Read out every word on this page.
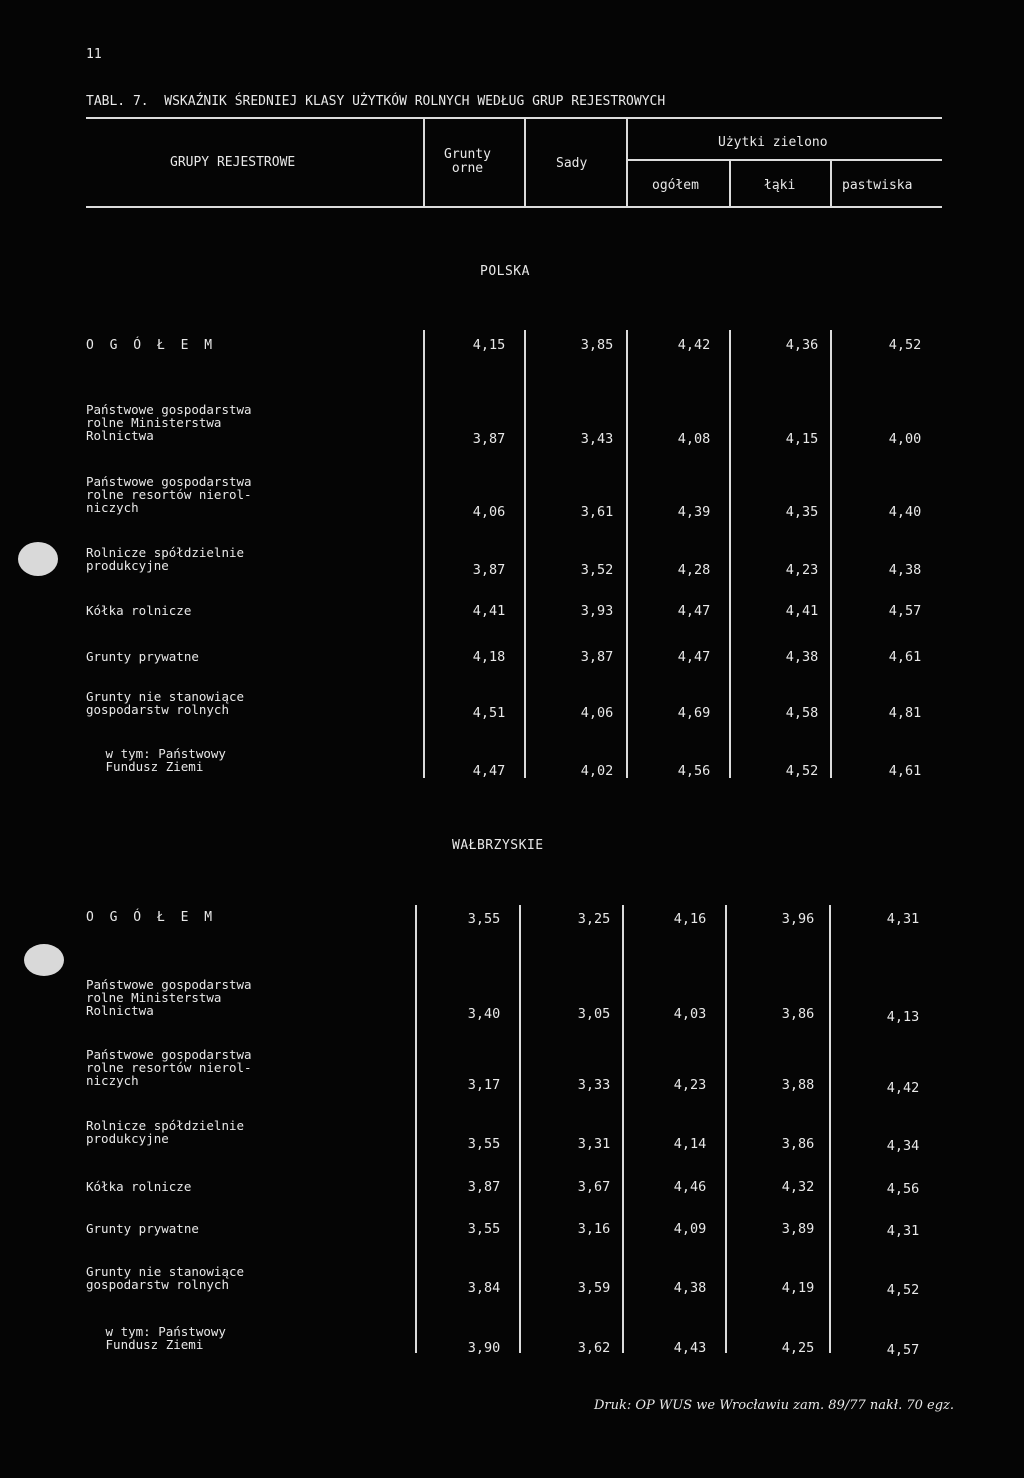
11
TABL. 7.  WSKAŹNIK ŚREDNIEJ KLASY UŻYTKÓW ROLNYCH WEDŁUG GRUP REJESTROWYCH
GRUPY REJESTROWE
Grunty
orne	Sady
Użytki zielono
ogółem	łąki	pastwiska
POLSKA
O G Ó Ł E M	4,15	3,85	4,42	4,36	4,52
Państwowe gospodarstwa
rolne Ministerstwa
Rolnictwa	3,87	3,43	4,08	4,15	4,00
Państwowe gospodarstwa
rolne resortów nierol-
niczych	4,06	3,61	4,39	4,35	4,40
Rolnicze spółdzielnie
produkcyjne	3,87	3,52	4,28	4,23	4,38
Kółka rolnicze	4,41	3,93	4,47	4,41	4,57
Grunty prywatne	4,18	3,87	4,47	4,38	4,61
Grunty nie stanowiące
gospodarstw rolnych	4,51	4,06	4,69	4,58	4,81
w tym: Państwowy
Fundusz Ziemi	4,47	4,02	4,56	4,52	4,61
WAŁBRZYSKIE
O G Ó Ł E M	3,55	3,25	4,16	3,96	4,31
Państwowe gospodarstwa
rolne Ministerstwa
Rolnictwa	3,40	3,05	4,03	3,86	4,13
Państwowe gospodarstwa
rolne resortów nierol-
niczych	3,17	3,33	4,23	3,88	4,42
Rolnicze spółdzielnie
produkcyjne	3,55	3,31	4,14	3,86	4,34
Kółka rolnicze	3,87	3,67	4,46	4,32	4,56
Grunty prywatne	3,55	3,16	4,09	3,89	4,31
Grunty nie stanowiące
gospodarstw rolnych	3,84	3,59	4,38	4,19	4,52
w tym: Państwowy
Fundusz Ziemi	3,90	3,62	4,43	4,25	4,57
Druk: OP WUS we Wrocławiu zam. 89/77 nakł. 70 egz.
